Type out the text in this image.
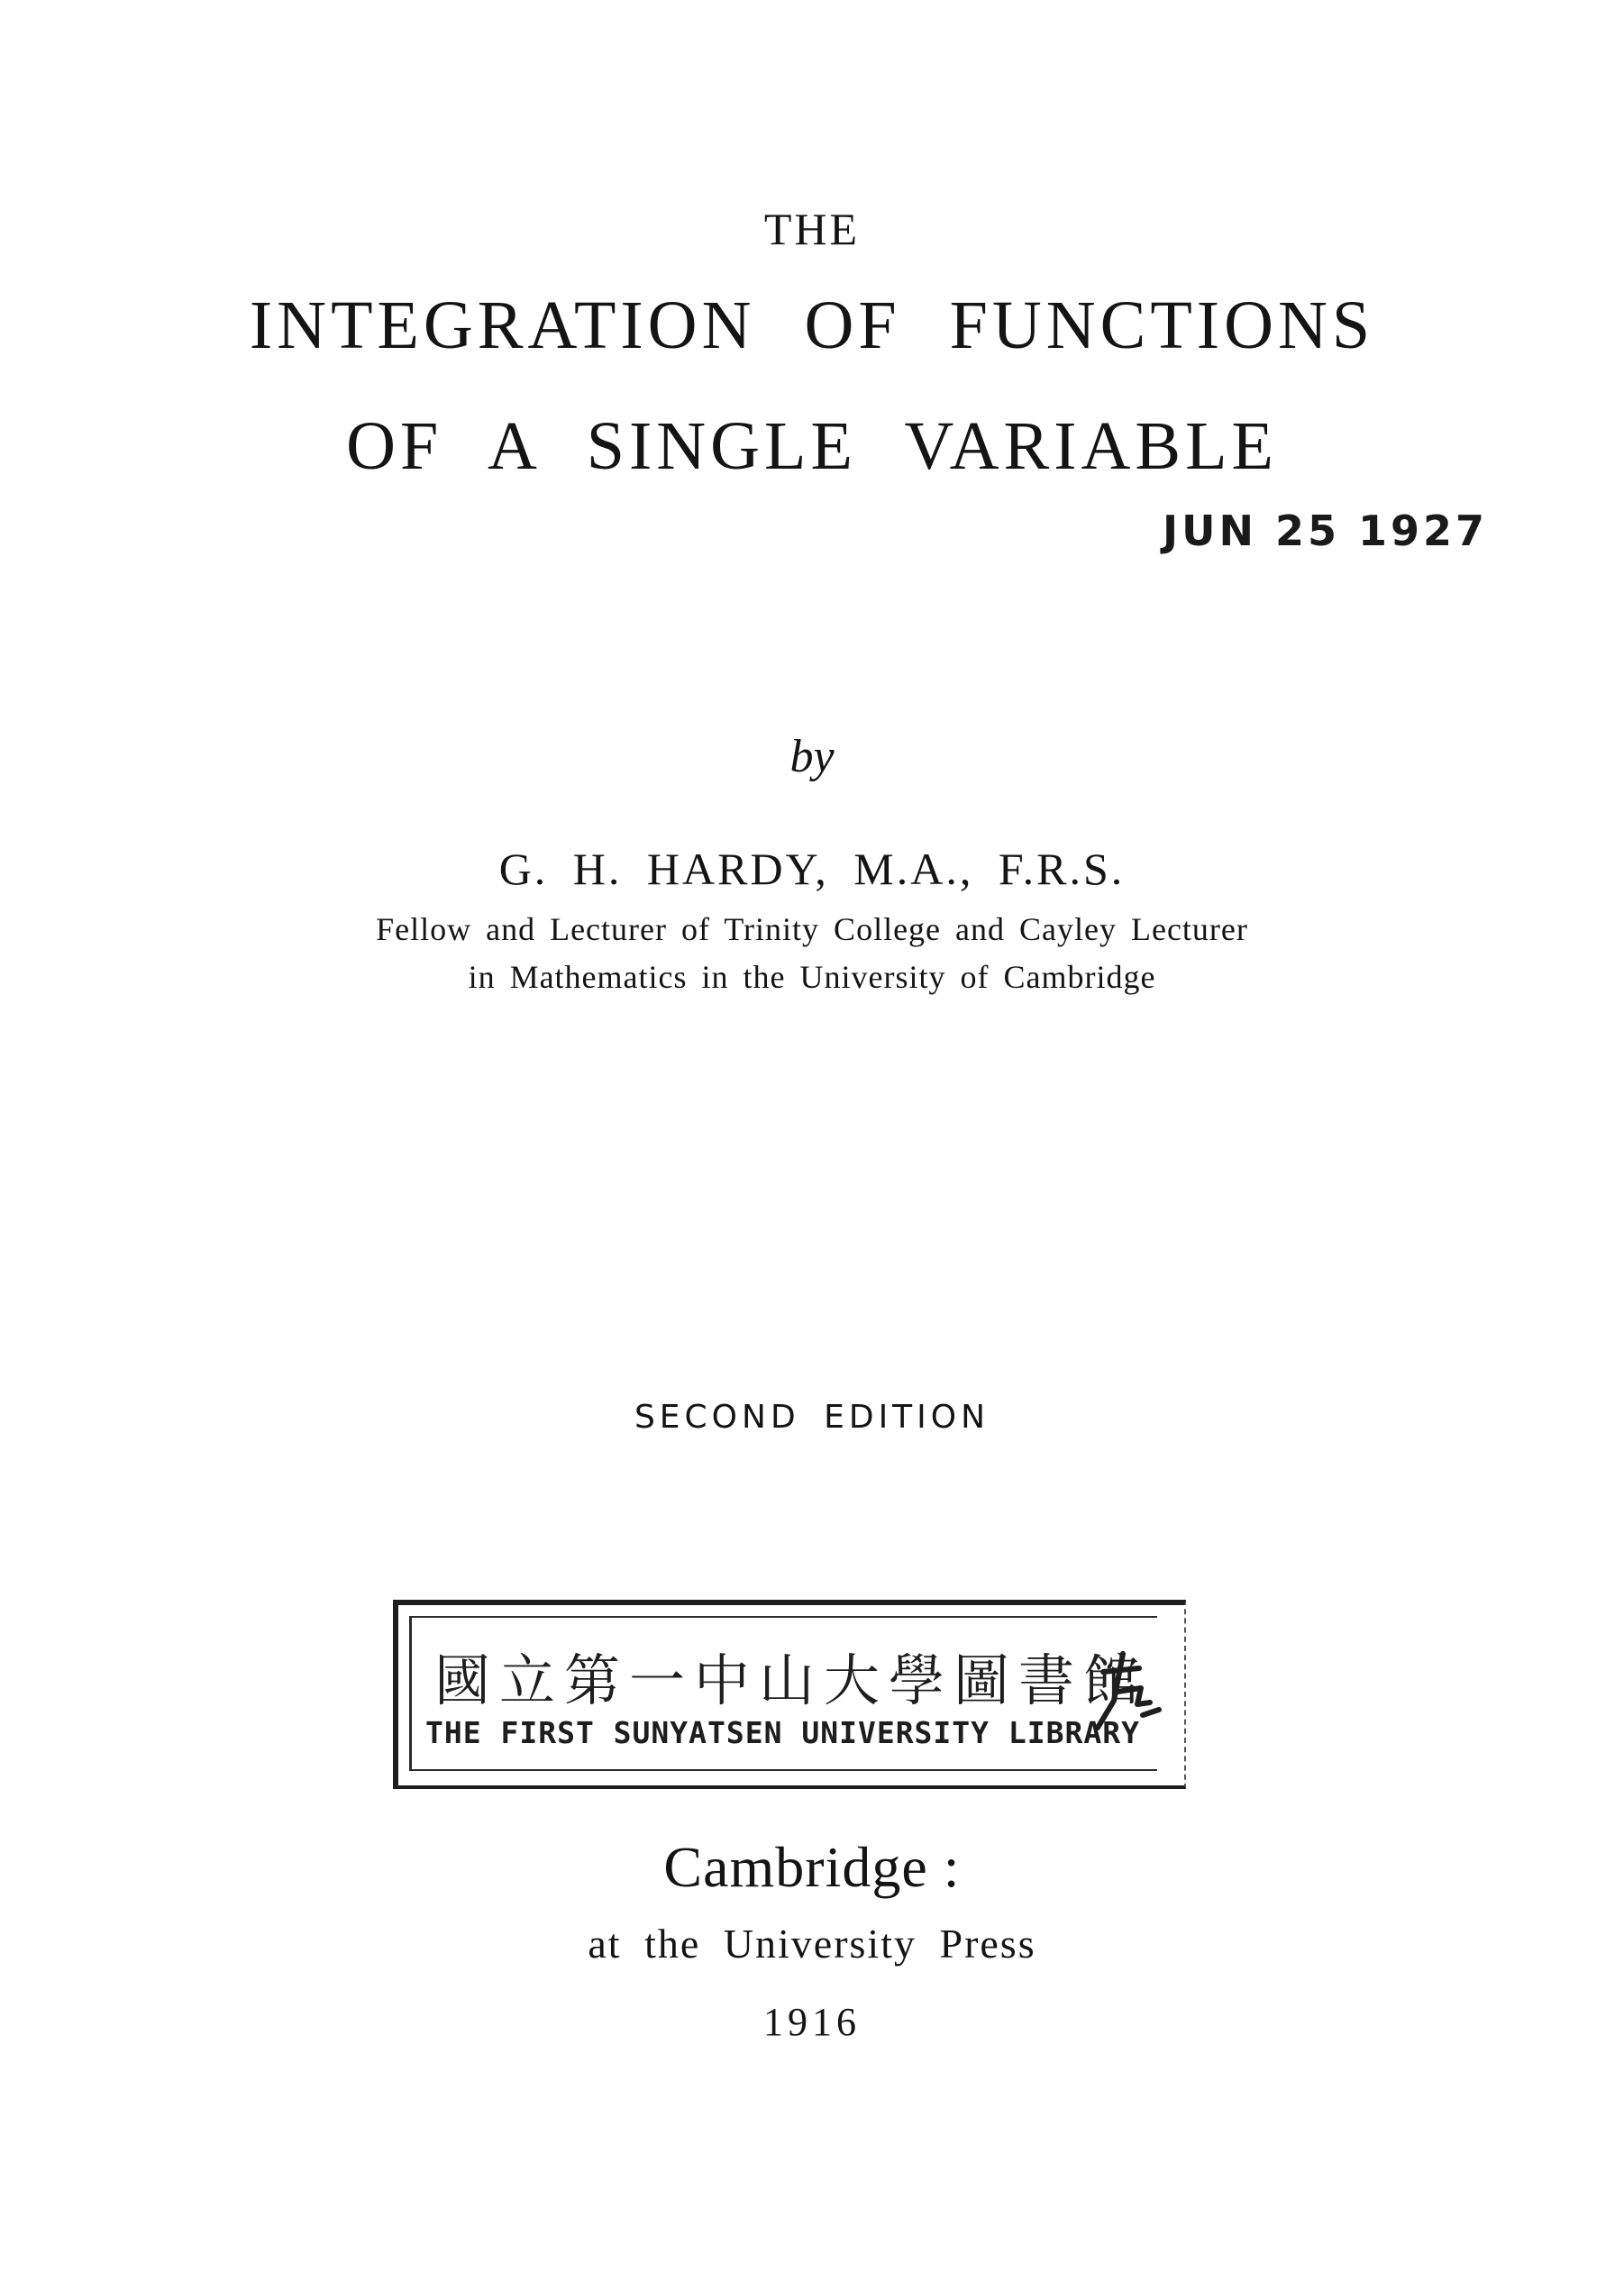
THE
INTEGRATION OF FUNCTIONS
OF A SINGLE VARIABLE
JUN 25 1927
by
G. H. HARDY, M.A., F.R.S.
Fellow and Lecturer of Trinity College and Cayley Lecturer
in Mathematics in the University of Cambridge
SECOND EDITION
國立第一中山大學圖書館
THE FIRST SUNYATSEN UNIVERSITY LIBRARY
Cambridge :
at the University Press
1916
